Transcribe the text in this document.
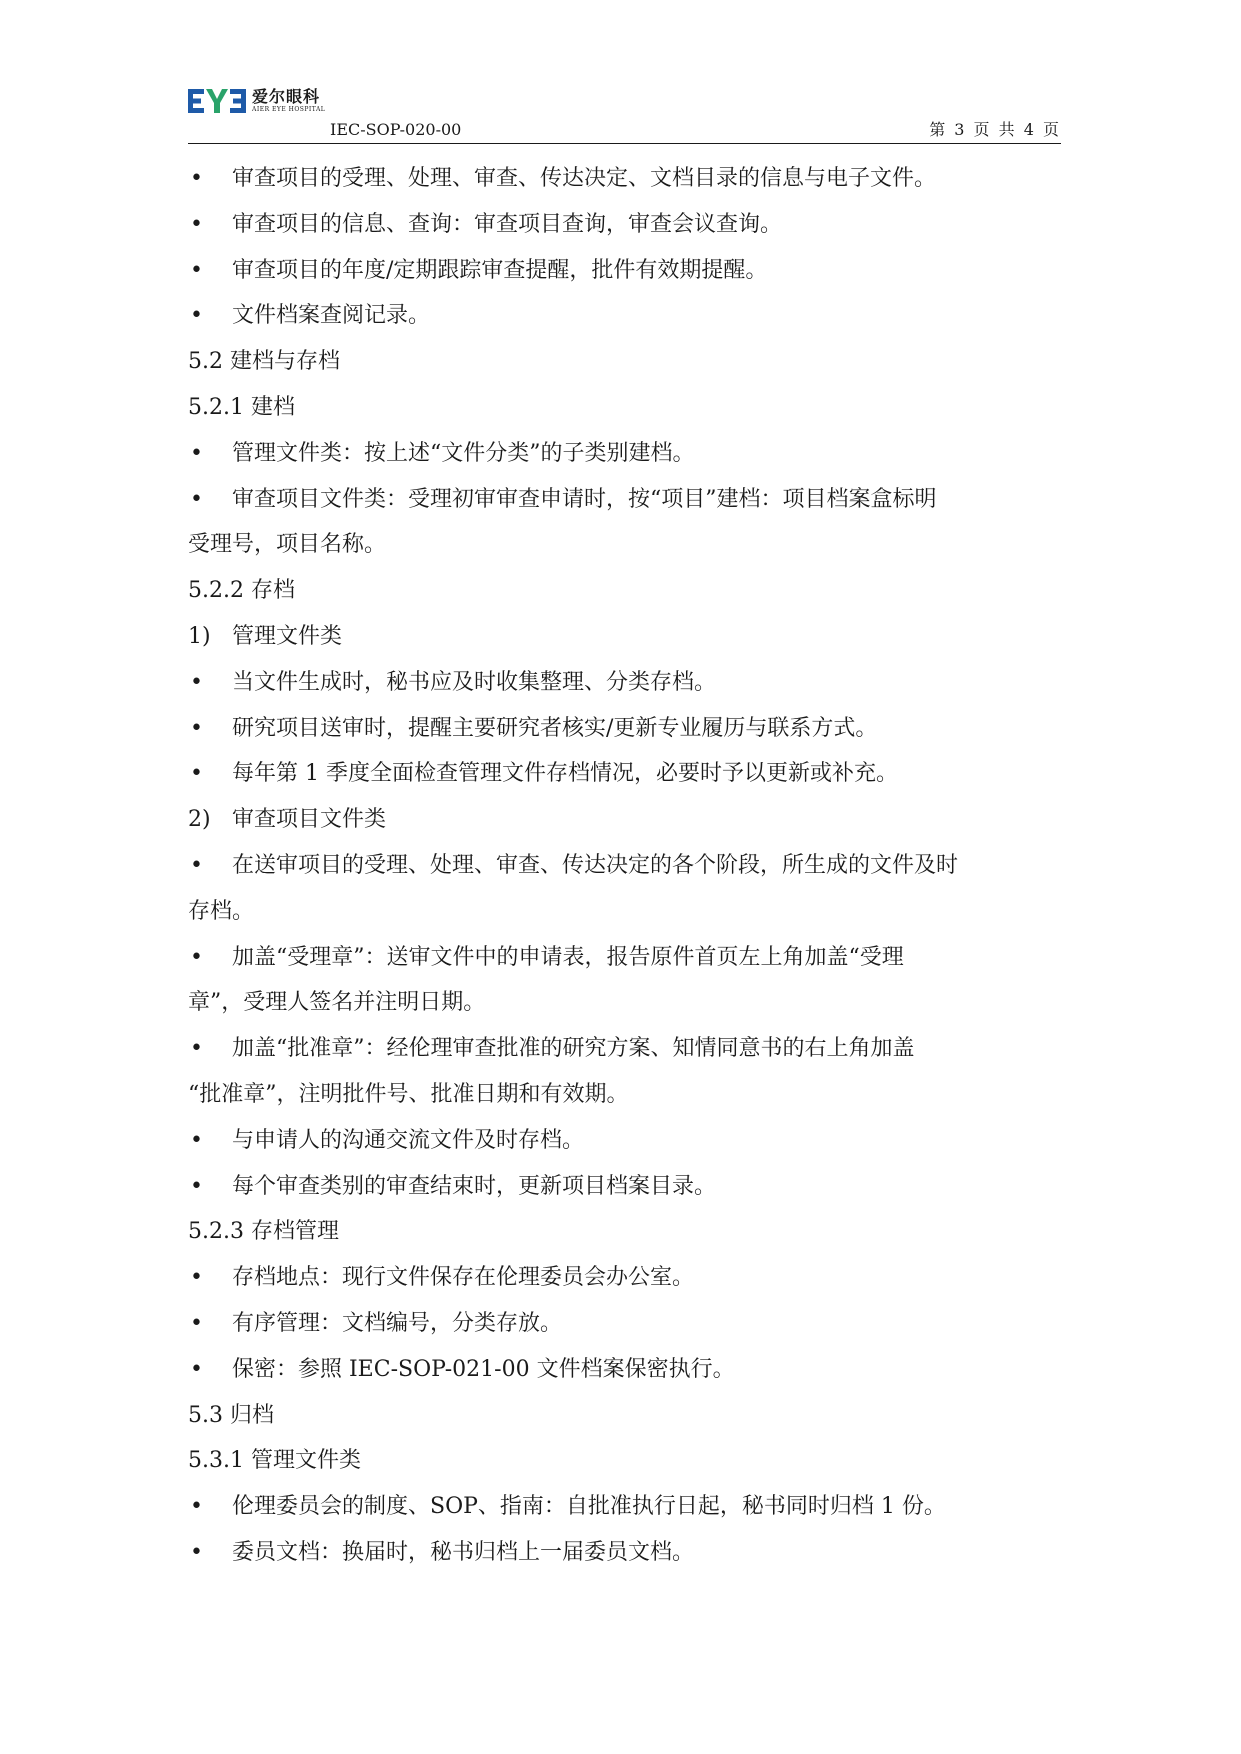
爱尔眼科
AIER EYE HOSPITAL
IEC-SOP-020-00	第 3 页 共 4 页
• 审查项目的受理、处理、审查、传达决定、文档目录的信息与电子文件。
• 审查项目的信息、查询：审查项目查询，审查会议查询。
• 审查项目的年度/定期跟踪审查提醒，批件有效期提醒。
• 文件档案查阅记录。
5.2 建档与存档
5.2.1 建档
• 管理文件类：按上述“文件分类”的子类别建档。
• 审查项目文件类：受理初审审查申请时，按“项目”建档：项目档案盒标明
受理号，项目名称。
5.2.2 存档
1) 管理文件类
• 当文件生成时，秘书应及时收集整理、分类存档。
• 研究项目送审时，提醒主要研究者核实/更新专业履历与联系方式。
• 每年第 1 季度全面检查管理文件存档情况，必要时予以更新或补充。
2) 审查项目文件类
• 在送审项目的受理、处理、审查、传达决定的各个阶段，所生成的文件及时
存档。
• 加盖“受理章”：送审文件中的申请表，报告原件首页左上角加盖“受理
章”，受理人签名并注明日期。
• 加盖“批准章”：经伦理审查批准的研究方案、知情同意书的右上角加盖
“批准章”，注明批件号、批准日期和有效期。
• 与申请人的沟通交流文件及时存档。
• 每个审查类别的审查结束时，更新项目档案目录。
5.2.3 存档管理
• 存档地点：现行文件保存在伦理委员会办公室。
• 有序管理：文档编号，分类存放。
• 保密：参照 IEC-SOP-021-00 文件档案保密执行。
5.3 归档
5.3.1 管理文件类
• 伦理委员会的制度、SOP、指南：自批准执行日起，秘书同时归档 1 份。
• 委员文档：换届时，秘书归档上一届委员文档。
